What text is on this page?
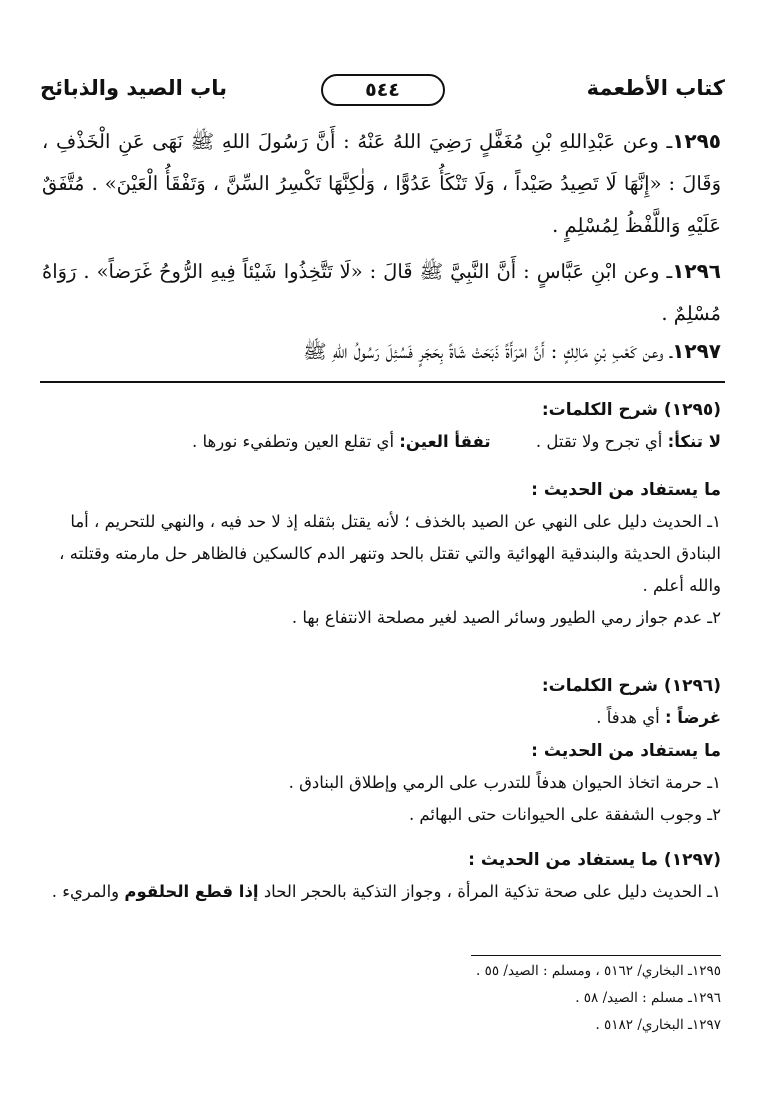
كتاب الأطعمة
٥٤٤
باب الصيد والذبائح
١٢٩٥ـ وعن عَبْدِاللهِ بْنِ مُغَفَّلٍ رَضِيَ اللهُ عَنْهُ : أَنَّ رَسُولَ اللهِ ﷺ نَهَى عَنِ الْخَذْفِ ، وَقَالَ : «إِنَّهَا لَا تَصِيدُ صَيْداً ، وَلَا تَنْكَأُ عَدُوًّا ، وَلٰكِنَّهَا تَكْسِرُ السِّنَّ ، وَتَفْقَأُ الْعَيْنَ» . مُتَّفَقٌ عَلَيْهِ وَاللَّفْظُ لِمُسْلِمٍ .
١٢٩٦ـ وعن ابْنِ عَبَّاسٍ : أَنَّ النَّبِيَّ ﷺ قَالَ : «لَا تَتَّخِذُوا شَيْئاً فِيهِ الرُّوحُ غَرَضاً» . رَوَاهُ مُسْلِمٌ .
١٢٩٧ـ وعن كَعْبِ بْنِ مَالِكٍ : أَنَّ امْرَأَةً ذَبَحَتْ شَاةً بِحَجَرٍ فَسُئِلَ رَسُولُ اللهِ ﷺ
(١٢٩٥) شرح الكلمات:
لا تنكأ: أي تجرح ولا تقتل .
تفقأ العين: أي تقلع العين وتطفيء نورها .
ما يستفاد من الحديث :
١ـ الحديث دليل على النهي عن الصيد بالخذف ؛ لأنه يقتل بثقله إذ لا حد فيه ، والنهي للتحريم ، أما البنادق الحديثة والبندقية الهوائية والتي تقتل بالحد وتنهر الدم كالسكين فالظاهر حل مارمته وقتلته ، والله أعلم .
٢ـ عدم جواز رمي الطيور وسائر الصيد لغير مصلحة الانتفاع بها .
(١٢٩٦) شرح الكلمات:
غرضاً : أي هدفاً .
ما يستفاد من الحديث :
١ـ حرمة اتخاذ الحيوان هدفاً للتدرب على الرمي وإطلاق البنادق .
٢ـ وجوب الشفقة على الحيوانات حتى البهائم .
(١٢٩٧) ما يستفاد من الحديث :
١ـ الحديث دليل على صحة تذكية المرأة ، وجواز التذكية بالحجر الحاد إذا قطع الحلقوم والمريء .
١٢٩٥ـ البخاري/ ٥١٦٢ ، ومسلم : الصيد/ ٥٥ .
١٢٩٦ـ مسلم : الصيد/ ٥٨ .
١٢٩٧ـ البخاري/ ٥١٨٢ .
